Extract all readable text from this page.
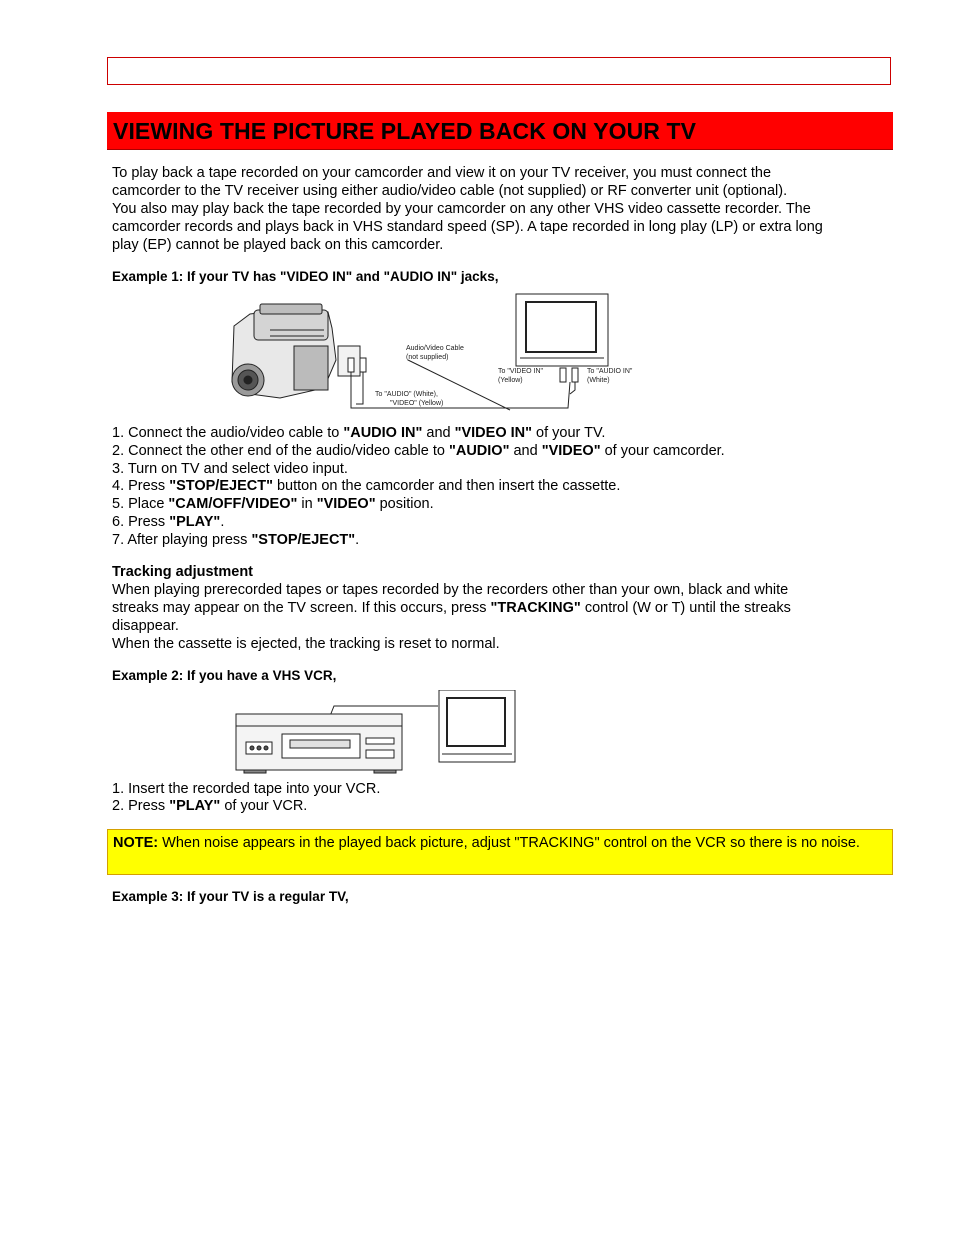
VIEWING THE PICTURE PLAYED BACK ON YOUR TV

To play back a tape recorded on your camcorder and view it on your TV receiver, you must connect the

camcorder to the TV receiver using either audio/video cable (not supplied) or RF converter unit (optional).

You also may play back the tape recorded by your camcorder on any other VHS video cassette recorder. The

camcorder records and plays back in VHS standard speed (SP). A tape recorded in long play (LP) or extra long

play (EP) cannot be played back on this camcorder.

Example 1: If your TV has "VIDEO IN" and "AUDIO IN" jacks,

Audio/Video Cable
(not supplied)
To "VIDEO IN"
(Yellow)
To "AUDIO IN"
(White)
To "AUDIO" (White),
"VIDEO" (Yellow)
1. Connect the audio/video cable to "AUDIO IN" and "VIDEO IN" of your TV.
2. Connect the other end of the audio/video cable to "AUDIO" and "VIDEO" of your camcorder.
3. Turn on TV and select video input.
4. Press "STOP/EJECT" button on the camcorder and then insert the cassette.
5. Place "CAM/OFF/VIDEO" in "VIDEO" position.
6. Press "PLAY".
7. After playing press "STOP/EJECT".

Tracking adjustment

When playing prerecorded tapes or tapes recorded by the recorders other than your own, black and white

streaks may appear on the TV screen. If this occurs, press "TRACKING" control (W or T) until the streaks

disappear.

When the cassette is ejected, the tracking is reset to normal.

Example 2: If you have a VHS VCR,

1. Insert the recorded tape into your VCR.

2. Press "PLAY" of your VCR.
NOTE: When noise appears in the played back picture, adjust "TRACKING" control on the VCR so there is no noise.

Example 3: If your TV is a regular TV,
